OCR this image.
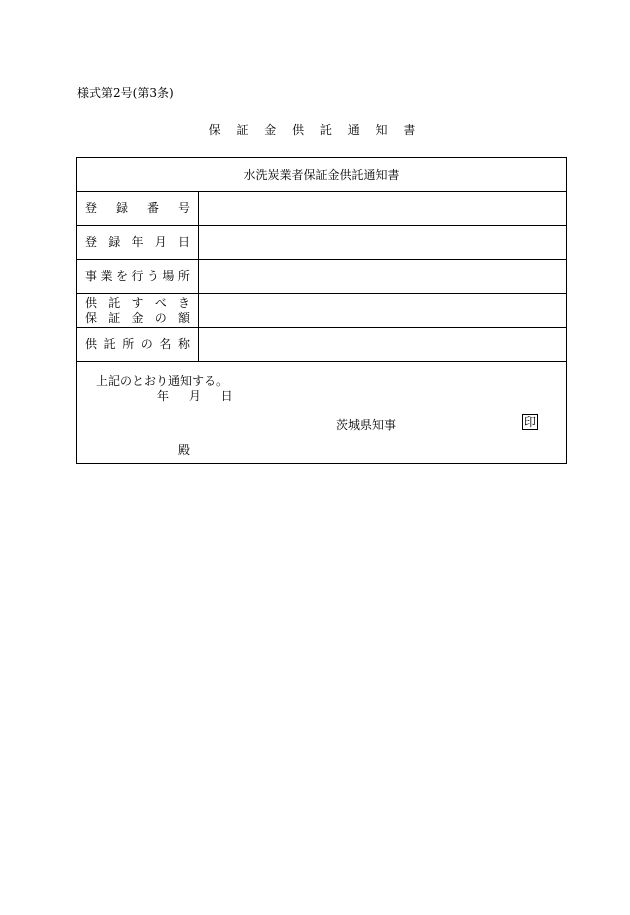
様式第2号(第3条)
保 証 金 供 託 通 知 書
水洗炭業者保証金供託通知書
登 録 番 号
登 録 年 月 日
事 業 を 行 う 場 所
供 託 す べ き
保 証 金 の 額
供 託 所 の 名 称
上記のとおり通知する。
年 月 日
茨城県知事	印
殿
